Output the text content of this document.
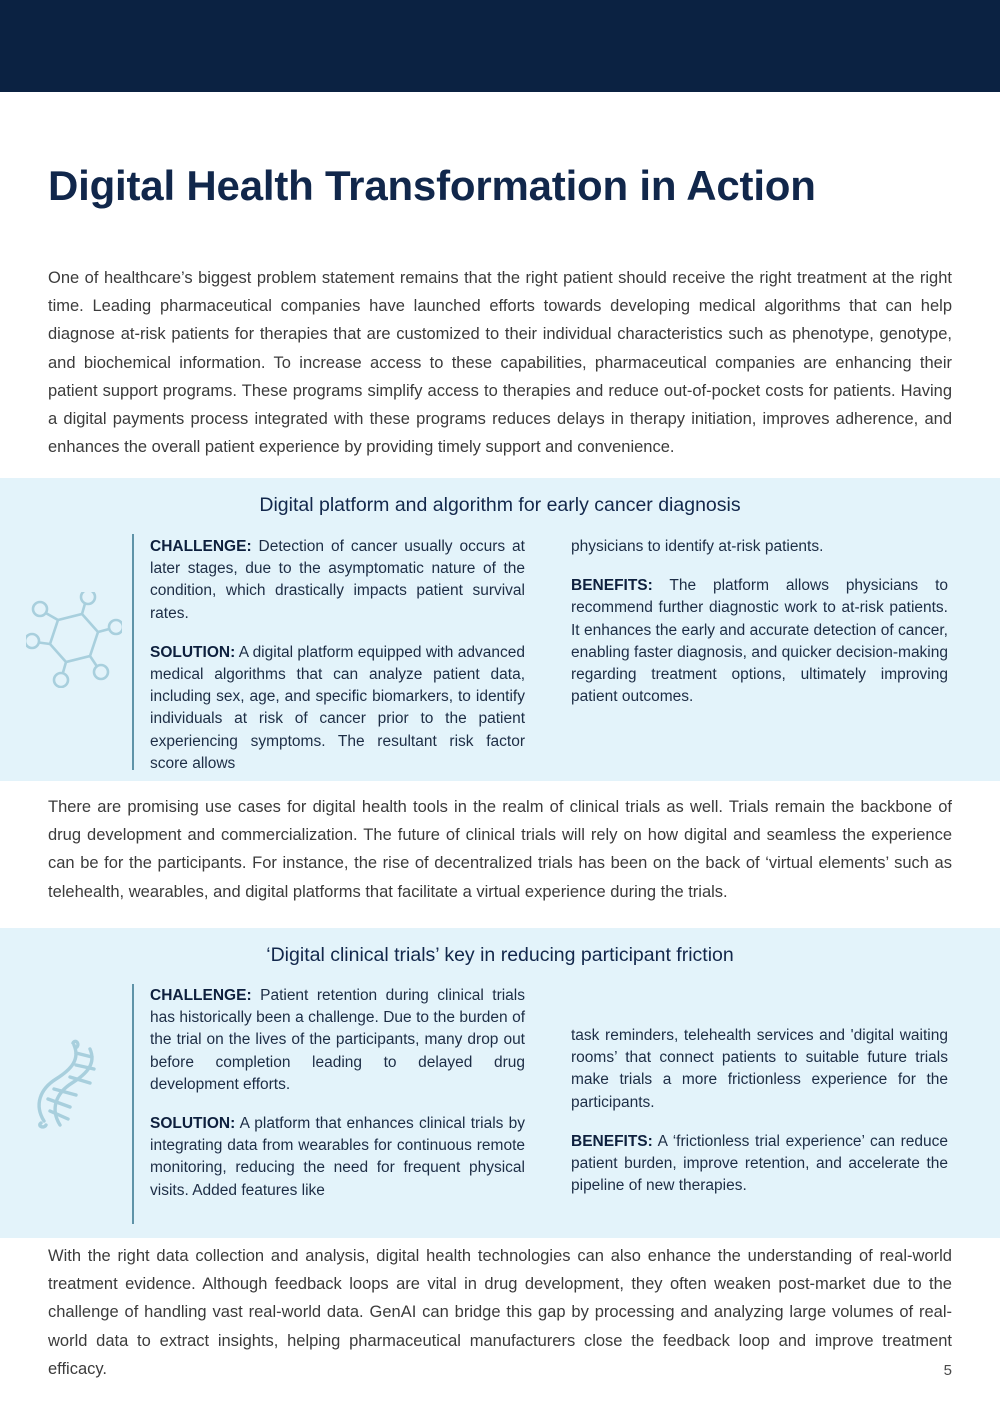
Digital Health Transformation in Action
One of healthcare’s biggest problem statement remains that the right patient should receive the right treatment at the right time. Leading pharmaceutical companies have launched efforts towards developing medical algorithms that can help diagnose at-risk patients for therapies that are customized to their individual characteristics such as phenotype, genotype, and biochemical information. To increase access to these capabilities, pharmaceutical companies are enhancing their patient support programs. These programs simplify access to therapies and reduce out-of-pocket costs for patients. Having a digital payments process integrated with these programs reduces delays in therapy initiation, improves adherence, and enhances the overall patient experience by providing timely support and convenience.
Digital platform and algorithm for early cancer diagnosis

CHALLENGE: Detection of cancer usually occurs at later stages, due to the asymptomatic nature of the condition, which drastically impacts patient survival rates.

SOLUTION: A digital platform equipped with advanced medical algorithms that can analyze patient data, including sex, age, and specific biomarkers, to identify individuals at risk of cancer prior to the patient experiencing symptoms. The resultant risk factor score allows

physicians to identify at-risk patients.

BENEFITS: The platform allows physicians to recommend further diagnostic work to at-risk patients. It enhances the early and accurate detection of cancer, enabling faster diagnosis, and quicker decision-making regarding treatment options, ultimately improving patient outcomes.

There are promising use cases for digital health tools in the realm of clinical trials as well. Trials remain the backbone of drug development and commercialization. The future of clinical trials will rely on how digital and seamless the experience can be for the participants. For instance, the rise of decentralized trials has been on the back of ‘virtual elements’ such as telehealth, wearables, and digital platforms that facilitate a virtual experience during the trials.
‘Digital clinical trials’ key in reducing participant friction

CHALLENGE: Patient retention during clinical trials has historically been a challenge. Due to the burden of the trial on the lives of the participants, many drop out before completion leading to delayed drug development efforts.

SOLUTION: A platform that enhances clinical trials by integrating data from wearables for continuous remote monitoring, reducing the need for frequent physical visits. Added features like

task reminders, telehealth services and 'digital waiting rooms’ that connect patients to suitable future trials make trials a more frictionless experience for the participants.

BENEFITS: A ‘frictionless trial experience’ can reduce patient burden, improve retention, and accelerate the pipeline of new therapies.

With the right data collection and analysis, digital health technologies can also enhance the understanding of real-world treatment evidence. Although feedback loops are vital in drug development, they often weaken post-market due to the challenge of handling vast real-world data. GenAI can bridge this gap by processing and analyzing large volumes of real-world data to extract insights, helping pharmaceutical manufacturers close the feedback loop and improve treatment efficacy.	5
